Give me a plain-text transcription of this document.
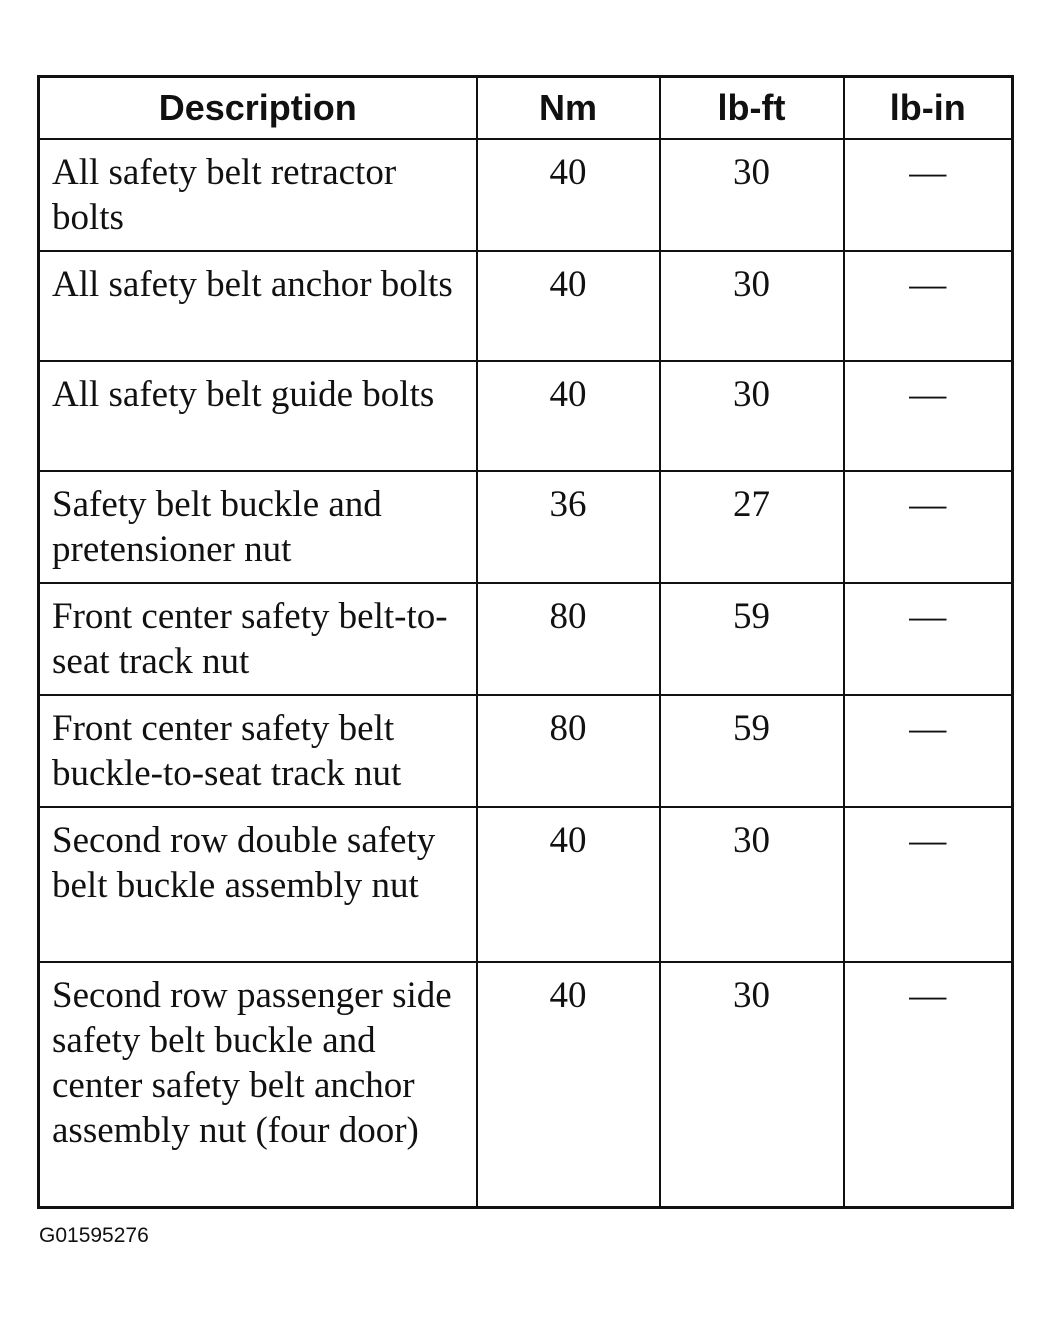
Description	Nm	lb-ft	lb-in
All safety belt retractor bolts	40	30	—
All safety belt anchor bolts	40	30	—
All safety belt guide bolts	40	30	—
Safety belt buckle and pretensioner nut	36	27	—
Front center safety belt-to-seat track nut	80	59	—
Front center safety belt buckle-to-seat track nut	80	59	—
Second row double safety belt buckle assembly nut	40	30	—
Second row passenger side safety belt buckle and center safety belt anchor assembly nut (four door)	40	30	—
G01595276
